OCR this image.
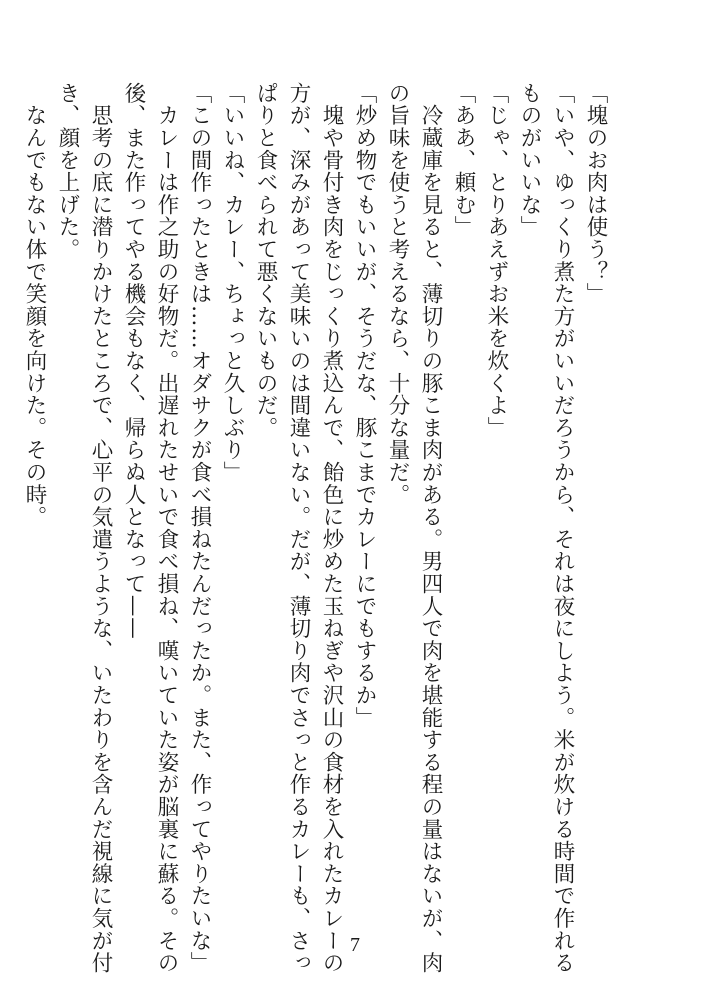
「塊のお肉は使う？」
「いや、ゆっくり煮た方がいいだろうから、それは夜にしよう。米が炊ける時間で作れる
ものがいいな」
「じゃ、とりあえずお米を炊くよ」
「ああ、頼む」
　冷蔵庫を見ると、薄切りの豚こま肉がある。男四人で肉を堪能する程の量はないが、肉
の旨味を使うと考えるなら、十分な量だ。
「炒め物でもいいが、そうだな、豚こまでカレーにでもするか」
　塊や骨付き肉をじっくり煮込んで、飴色に炒めた玉ねぎや沢山の食材を入れたカレーの
方が、深みがあって美味いのは間違いない。だが、薄切り肉でさっと作るカレーも、さっ
ぱりと食べられて悪くないものだ。
「いいね、カレー、ちょっと久しぶり」
「この間作ったときは……オダサクが食べ損ねたんだったか。また、作ってやりたいな」
　カレーは作之助の好物だ。出遅れたせいで食べ損ね、嘆いていた姿が脳裏に蘇る。その
後、また作ってやる機会もなく、帰らぬ人となって——
　思考の底に潜りかけたところで、心平の気遣うような、いたわりを含んだ視線に気が付
き、顔を上げた。
　なんでもない体で笑顔を向けた。その時。
7
